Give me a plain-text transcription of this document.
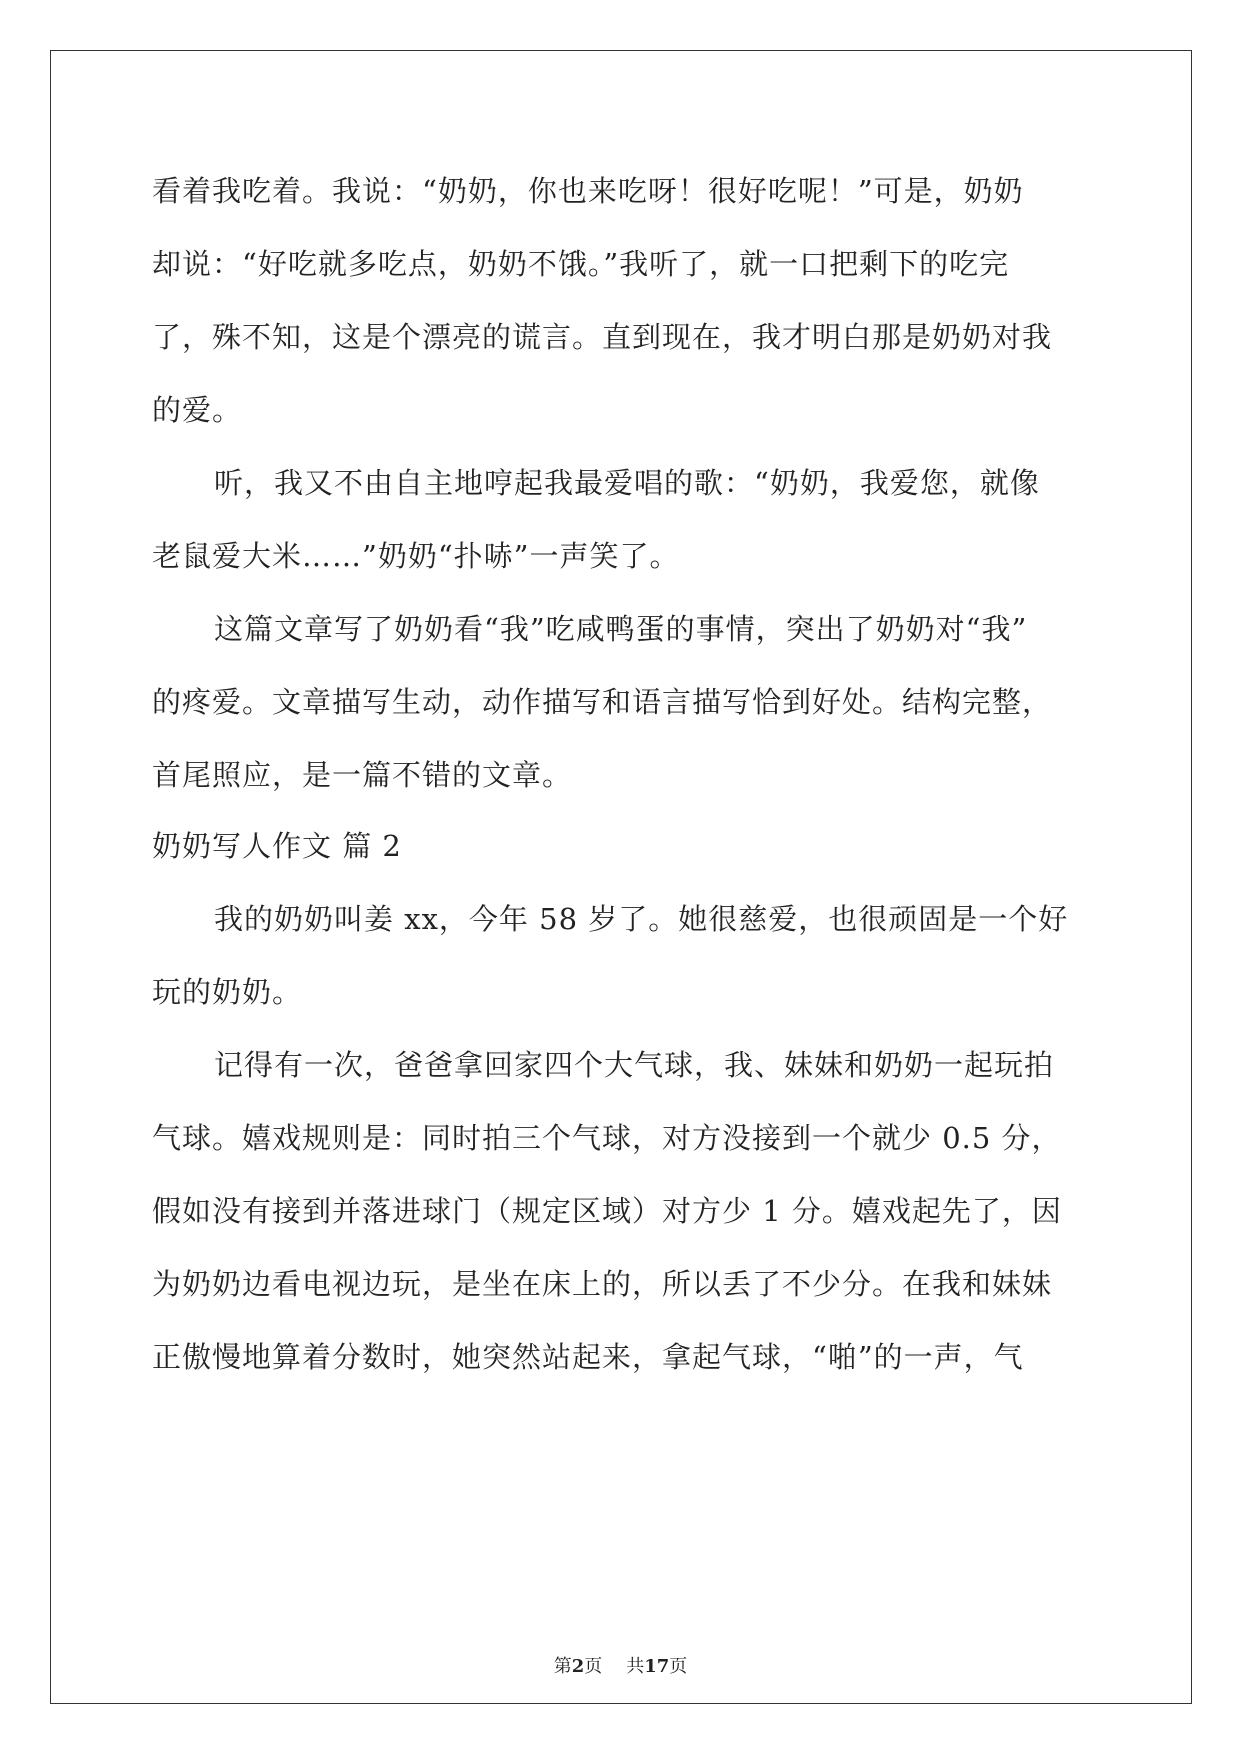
看着我吃着。我说：“奶奶，你也来吃呀！很好吃呢！”可是，奶奶
却说：“好吃就多吃点，奶奶不饿。”我听了，就一口把剩下的吃完
了，殊不知，这是个漂亮的谎言。直到现在，我才明白那是奶奶对我
的爱。
听，我又不由自主地哼起我最爱唱的歌：“奶奶，我爱您，就像
老鼠爱大米……”奶奶“扑哧”一声笑了。
这篇文章写了奶奶看“我”吃咸鸭蛋的事情，突出了奶奶对“我”
的疼爱。文章描写生动，动作描写和语言描写恰到好处。结构完整，
首尾照应，是一篇不错的文章。
奶奶写人作文 篇 2
我的奶奶叫姜 xx，今年 58 岁了。她很慈爱，也很顽固是一个好
玩的奶奶。
记得有一次，爸爸拿回家四个大气球，我、妹妹和奶奶一起玩拍
气球。嬉戏规则是：同时拍三个气球，对方没接到一个就少 0.5 分，
假如没有接到并落进球门（规定区域）对方少 1 分。嬉戏起先了，因
为奶奶边看电视边玩，是坐在床上的，所以丢了不少分。在我和妹妹
正傲慢地算着分数时，她突然站起来，拿起气球，“啪”的一声，气
第2页 共17页
